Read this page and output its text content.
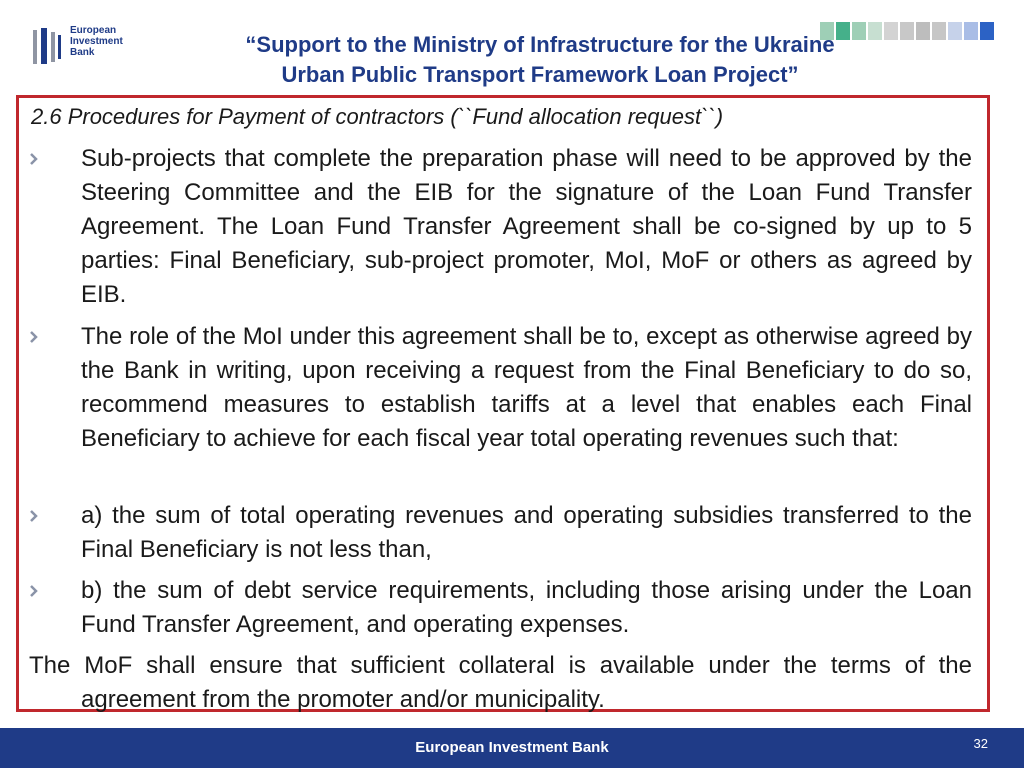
European
Investment
Bank	“Support to the Ministry of Infrastructure for the Ukraine
Urban Public Transport Framework Loan Project”
2.6 Procedures for Payment of contractors (``Fund allocation request``)
Sub-projects that complete the preparation phase will need to be approved by the Steering Committee and the EIB for the signature of the Loan Fund Transfer Agreement. The Loan Fund Transfer Agreement shall be co-signed by up to 5 parties: Final Beneficiary, sub-project promoter, MoI, MoF or others as agreed by EIB.
The role of the MoI under this agreement shall be to, except as otherwise agreed by the Bank in writing, upon receiving a request from the Final Beneficiary to do so, recommend measures to establish tariffs at a level that enables each Final Beneficiary to achieve for each fiscal year total operating revenues such that:
a) the sum of total operating revenues and operating subsidies transferred to the Final Beneficiary is not less than,
b) the sum of debt service requirements, including those arising under the Loan Fund Transfer Agreement, and operating expenses.
The MoF shall ensure that sufficient collateral is available under the terms of the agreement from the promoter and/or municipality.
European Investment Bank	32
